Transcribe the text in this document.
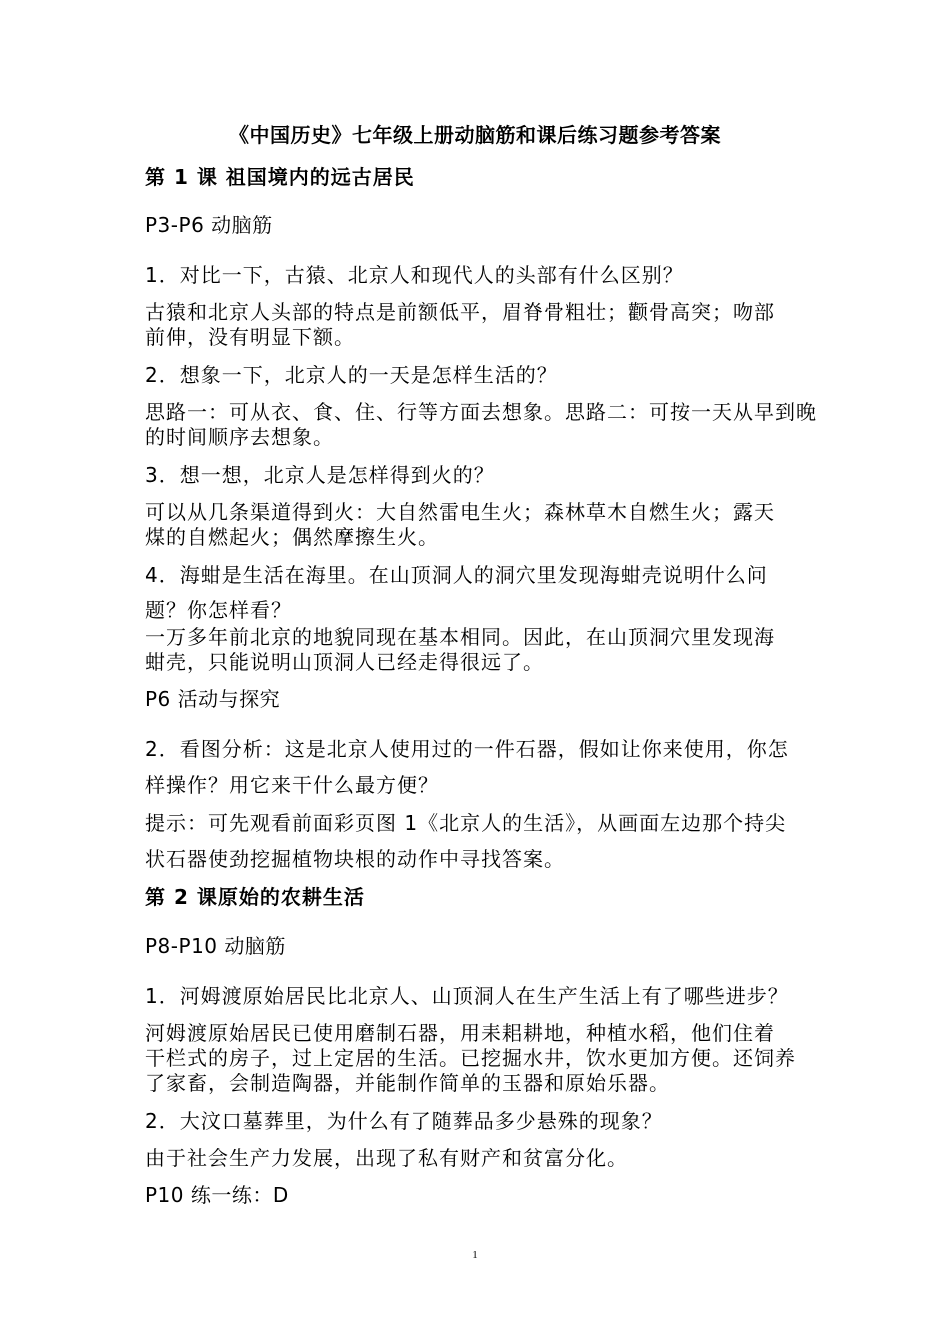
《中国历史》七年级上册动脑筋和课后练习题参考答案
第 1 课 祖国境内的远古居民
P3-P6 动脑筋
1．对比一下，古猿、北京人和现代人的头部有什么区别？
古猿和北京人头部的特点是前额低平，眉脊骨粗壮；颧骨高突；吻部
前伸，没有明显下额。
2．想象一下，北京人的一天是怎样生活的？
思路一：可从衣、食、住、行等方面去想象。思路二：可按一天从早到晚
的时间顺序去想象。
3．想一想，北京人是怎样得到火的？
可以从几条渠道得到火：大自然雷电生火；森林草木自燃生火；露天
煤的自燃起火；偶然摩擦生火。
4．海蚶是生活在海里。在山顶洞人的洞穴里发现海蚶壳说明什么问
题？你怎样看？
一万多年前北京的地貌同现在基本相同。因此，在山顶洞穴里发现海
蚶壳，只能说明山顶洞人已经走得很远了。
P6 活动与探究
2．看图分析：这是北京人使用过的一件石器，假如让你来使用，你怎
样操作？用它来干什么最方便？
提示：可先观看前面彩页图 1《北京人的生活》，从画面左边那个持尖
状石器使劲挖掘植物块根的动作中寻找答案。
第 2 课原始的农耕生活
P8-P10 动脑筋
1．河姆渡原始居民比北京人、山顶洞人在生产生活上有了哪些进步？
河姆渡原始居民已使用磨制石器，用耒耜耕地，种植水稻，他们住着
干栏式的房子，过上定居的生活。已挖掘水井，饮水更加方便。还饲养
了家畜，会制造陶器，并能制作简单的玉器和原始乐器。
2．大汶口墓葬里，为什么有了随葬品多少悬殊的现象？
由于社会生产力发展，出现了私有财产和贫富分化。
P10 练一练：D
1
